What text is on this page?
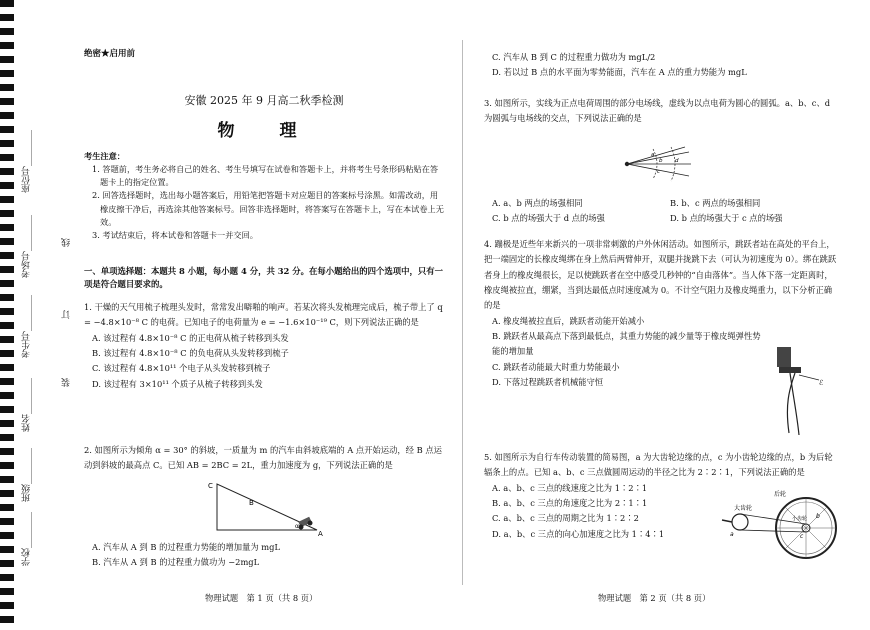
座位号________
考场号________
考生号________
姓名________
班级________
学校________
线
订
装
绝密★启用前
安徽 2025 年 9 月高二秋季检测
物　理
考生注意：

1. 答题前，考生务必将自己的姓名、考生号填写在试卷和答题卡上，并将考生号条形码粘贴在答题卡上的指定位置。

2. 回答选择题时，选出每小题答案后，用铅笔把答题卡对应题目的答案标号涂黑。如需改动，用橡皮擦干净后，再选涂其他答案标号。回答非选择题时，将答案写在答题卡上，写在本试卷上无效。

3. 考试结束后，将本试卷和答题卡一并交回。

一、单项选择题：本题共 8 小题，每小题 4 分，共 32 分。在每小题给出的四个选项中，只有一项是符合题目要求的。

1. 干燥的天气用梳子梳理头发时，常常发出噼啪的响声。若某次将头发梳理完成后，梳子带上了 q = −4.8×10⁻⁸ C 的电荷。已知电子的电荷量为 e = −1.6×10⁻¹⁹ C，则下列说法正确的是

A. 该过程有 4.8×10⁻⁸ C 的正电荷从梳子转移到头发

B. 该过程有 4.8×10⁻⁸ C 的负电荷从头发转移到梳子

C. 该过程有 4.8×10¹¹ 个电子从头发转移到梳子

D. 该过程有 3×10¹¹ 个质子从梳子转移到头发

2. 如图所示为倾角 α = 30° 的斜坡，一质量为 m 的汽车由斜坡底端的 A 点开始运动，经 B 点运动到斜坡的最高点 C。已知 AB = 2BC = 2L，重力加速度为 g，下列说法正确的是

C
B
A
α

A. 汽车从 A 到 B 的过程重力势能的增加量为 mgL

B. 汽车从 A 到 B 的过程重力做功为 −2mgL

物理试题　第 1 页（共 8 页）

C. 汽车从 B 到 C 的过程重力做功为 mgL/2

D. 若以过 B 点的水平面为零势能面，汽车在 A 点的重力势能为 mgL

3. 如图所示，实线为正点电荷周围的部分电场线，虚线为以点电荷为圆心的圆弧。a、b、c、d 为圆弧与电场线的交点，下列说法正确的是

a
b
c
d

A. a、b 两点的场强相同	B. b、c 两点的场强相同

C. b 点的场强大于 d 点的场强	D. b 点的场强大于 c 点的场强

4. 蹦极是近些年来新兴的一项非常刺激的户外休闲活动。如图所示，跳跃者站在高处的平台上，把一端固定的长橡皮绳绑在身上然后两臂伸开，双腿并拢跳下去（可认为初速度为 0）。绑在跳跃者身上的橡皮绳很长，足以使跳跃者在空中感受几秒钟的“自由落体”。当人体下落一定距离时，橡皮绳被拉直，绷紧，当到达最低点时速度减为 0。不计空气阻力及橡皮绳重力，以下分析正确的是

A. 橡皮绳被拉直后，跳跃者动能开始减小

B. 跳跃者从最高点下落到最低点，其重力势能的减少量等于橡皮绳弹性势能的增加量

C. 跳跃者动能最大时重力势能最小

D. 下落过程跳跃者机械能守恒	ℰ

5. 如图所示为自行车传动装置的简易图，a 为大齿轮边缘的点，c 为小齿轮边缘的点，b 为后轮辐条上的点。已知 a、b、c 三点做圆周运动的半径之比为 2∶2∶1，下列说法正确的是

A. a、b、c 三点的线速度之比为 1∶2∶1

B. a、b、c 三点的角速度之比为 2∶1∶1

C. a、b、c 三点的周期之比为 1∶2∶2

D. a、b、c 三点的向心加速度之比为 1∶4∶1

后轮
大齿轮
小齿轮
a
b
c
物理试题　第 2 页（共 8 页）
